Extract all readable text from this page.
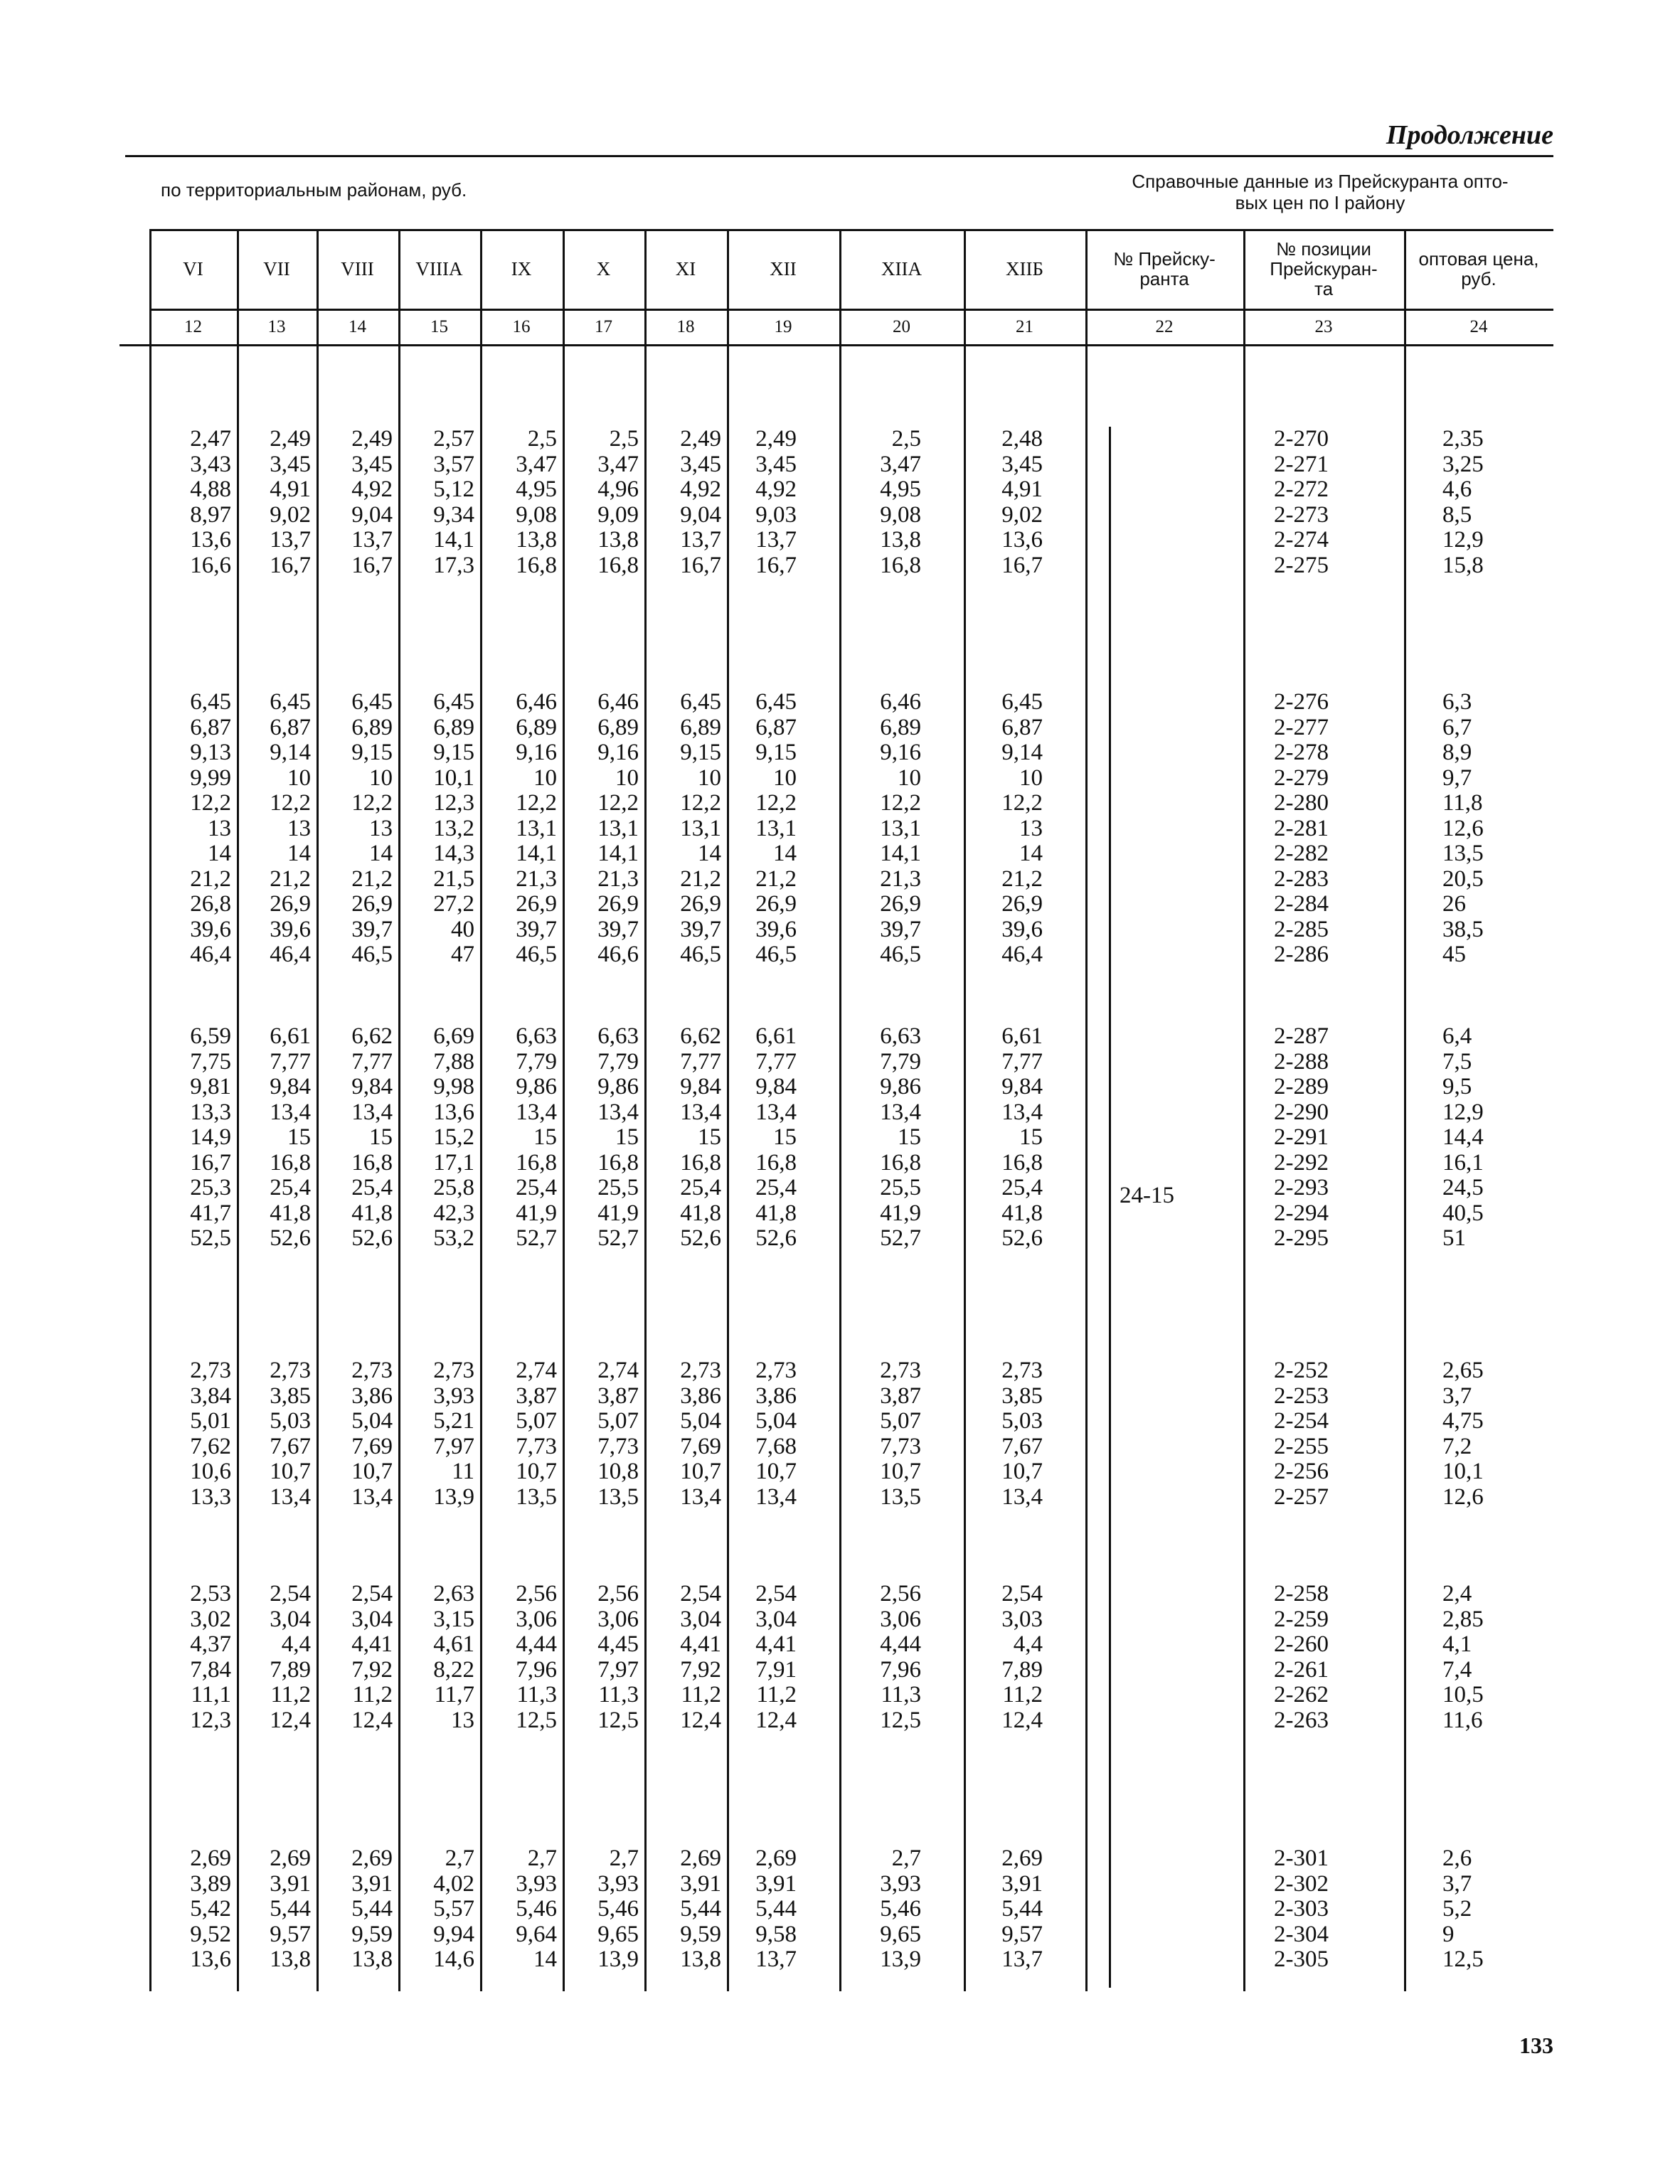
Продолжение
по территориальным районам, руб.	Справочные данные из Прейскуранта опто-
вых цен по I району
VI
12
VII
13
VIII
14
VIIIА
15
IX
16
X
17
XI
18
XII
19
XIIА
20
XIIБ
21
№ Прейску-
ранта
22
№ позиции
Прейскуран-
та
23
оптовая цена,
руб.
24
2,47
3,43
4,88
8,97
13,6
16,6
2,49
3,45
4,91
9,02
13,7
16,7
2,49
3,45
4,92
9,04
13,7
16,7
2,57
3,57
5,12
9,34
14,1
17,3
2,5
3,47
4,95
9,08
13,8
16,8
2,5
3,47
4,96
9,09
13,8
16,8
2,49
3,45
4,92
9,04
13,7
16,7
2,49
3,45
4,92
9,03
13,7
16,7
2,5
3,47
4,95
9,08
13,8
16,8
2,48
3,45
4,91
9,02
13,6
16,7
2-270
2-271
2-272
2-273
2-274
2-275
2,35
3,25
4,6
8,5
12,9
15,8
6,45
6,87
9,13
9,99
12,2
13
14
21,2
26,8
39,6
46,4
6,45
6,87
9,14
10
12,2
13
14
21,2
26,9
39,6
46,4
6,45
6,89
9,15
10
12,2
13
14
21,2
26,9
39,7
46,5
6,45
6,89
9,15
10,1
12,3
13,2
14,3
21,5
27,2
40
47
6,46
6,89
9,16
10
12,2
13,1
14,1
21,3
26,9
39,7
46,5
6,46
6,89
9,16
10
12,2
13,1
14,1
21,3
26,9
39,7
46,6
6,45
6,89
9,15
10
12,2
13,1
14
21,2
26,9
39,7
46,5
6,45
6,87
9,15
10
12,2
13,1
14
21,2
26,9
39,6
46,5
6,46
6,89
9,16
10
12,2
13,1
14,1
21,3
26,9
39,7
46,5
6,45
6,87
9,14
10
12,2
13
14
21,2
26,9
39,6
46,4
2-276
2-277
2-278
2-279
2-280
2-281
2-282
2-283
2-284
2-285
2-286
6,3
6,7
8,9
9,7
11,8
12,6
13,5
20,5
26
38,5
45
6,59
7,75
9,81
13,3
14,9
16,7
25,3
41,7
52,5
6,61
7,77
9,84
13,4
15
16,8
25,4
41,8
52,6
6,62
7,77
9,84
13,4
15
16,8
25,4
41,8
52,6
6,69
7,88
9,98
13,6
15,2
17,1
25,8
42,3
53,2
6,63
7,79
9,86
13,4
15
16,8
25,4
41,9
52,7
6,63
7,79
9,86
13,4
15
16,8
25,5
41,9
52,7
6,62
7,77
9,84
13,4
15
16,8
25,4
41,8
52,6
6,61
7,77
9,84
13,4
15
16,8
25,4
41,8
52,6
6,63
7,79
9,86
13,4
15
16,8
25,5
41,9
52,7
6,61
7,77
9,84
13,4
15
16,8
25,4
41,8
52,6
2-287
2-288
2-289
2-290
2-291
2-292
2-293
2-294
2-295
6,4
7,5
9,5
12,9
14,4
16,1
24,5
40,5
51
2,73
3,84
5,01
7,62
10,6
13,3
2,73
3,85
5,03
7,67
10,7
13,4
2,73
3,86
5,04
7,69
10,7
13,4
2,73
3,93
5,21
7,97
11
13,9
2,74
3,87
5,07
7,73
10,7
13,5
2,74
3,87
5,07
7,73
10,8
13,5
2,73
3,86
5,04
7,69
10,7
13,4
2,73
3,86
5,04
7,68
10,7
13,4
2,73
3,87
5,07
7,73
10,7
13,5
2,73
3,85
5,03
7,67
10,7
13,4
2-252
2-253
2-254
2-255
2-256
2-257
2,65
3,7
4,75
7,2
10,1
12,6
2,53
3,02
4,37
7,84
11,1
12,3
2,54
3,04
4,4
7,89
11,2
12,4
2,54
3,04
4,41
7,92
11,2
12,4
2,63
3,15
4,61
8,22
11,7
13
2,56
3,06
4,44
7,96
11,3
12,5
2,56
3,06
4,45
7,97
11,3
12,5
2,54
3,04
4,41
7,92
11,2
12,4
2,54
3,04
4,41
7,91
11,2
12,4
2,56
3,06
4,44
7,96
11,3
12,5
2,54
3,03
4,4
7,89
11,2
12,4
2-258
2-259
2-260
2-261
2-262
2-263
2,4
2,85
4,1
7,4
10,5
11,6
2,69
3,89
5,42
9,52
13,6
2,69
3,91
5,44
9,57
13,8
2,69
3,91
5,44
9,59
13,8
2,7
4,02
5,57
9,94
14,6
2,7
3,93
5,46
9,64
14
2,7
3,93
5,46
9,65
13,9
2,69
3,91
5,44
9,59
13,8
2,69
3,91
5,44
9,58
13,7
2,7
3,93
5,46
9,65
13,9
2,69
3,91
5,44
9,57
13,7
2-301
2-302
2-303
2-304
2-305
2,6
3,7
5,2
9
12,5
24-15
133
